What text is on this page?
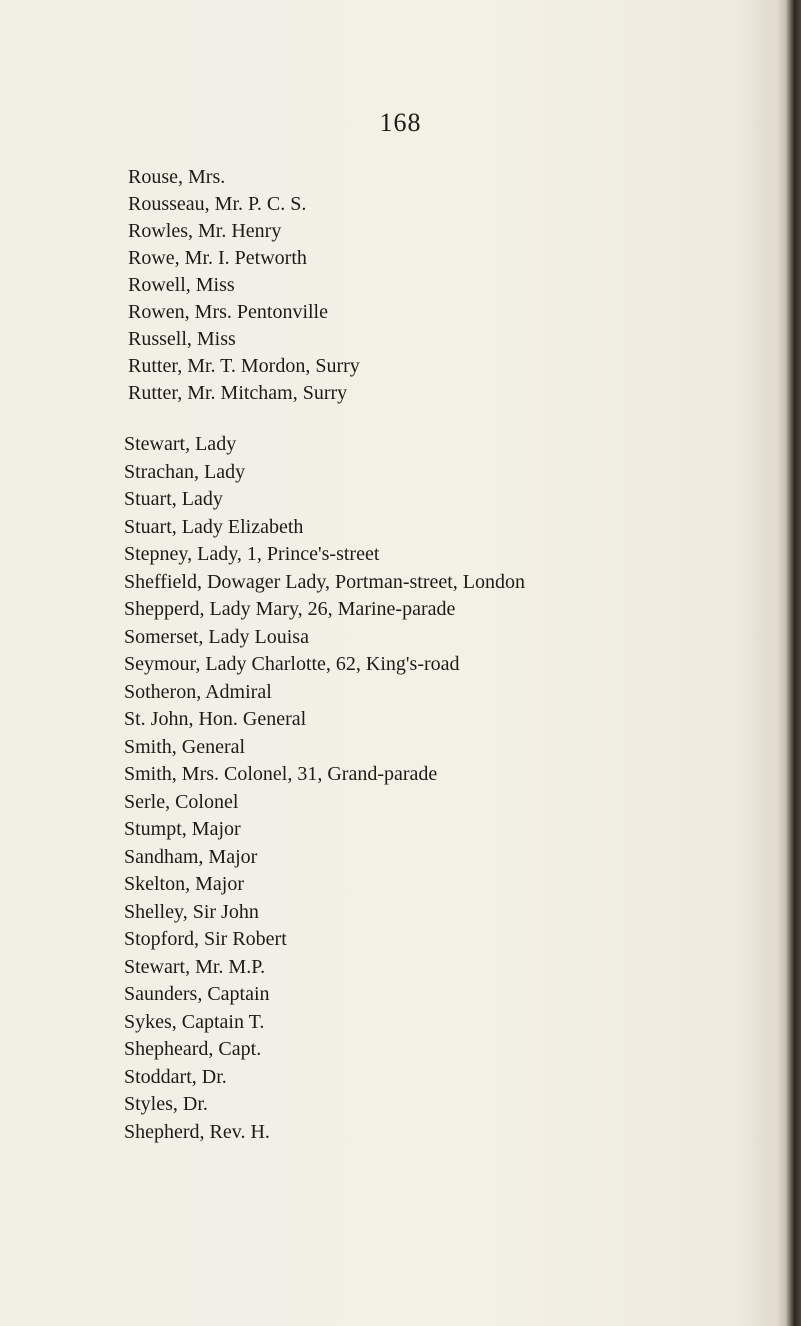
168
Rouse, Mrs.
Rousseau, Mr. P. C. S.
Rowles, Mr. Henry
Rowe, Mr. I. Petworth
Rowell, Miss
Rowen, Mrs. Pentonville
Russell, Miss
Rutter, Mr. T. Mordon, Surry
Rutter, Mr. Mitcham, Surry
Stewart, Lady
Strachan, Lady
Stuart, Lady
Stuart, Lady Elizabeth
Stepney, Lady, 1, Prince's-street
Sheffield, Dowager Lady, Portman-street, London
Shepperd, Lady Mary, 26, Marine-parade
Somerset, Lady Louisa
Seymour, Lady Charlotte, 62, King's-road
Sotheron, Admiral
St. John, Hon. General
Smith, General
Smith, Mrs. Colonel, 31, Grand-parade
Serle, Colonel
Stumpt, Major
Sandham, Major
Skelton, Major
Shelley, Sir John
Stopford, Sir Robert
Stewart, Mr. M.P.
Saunders, Captain
Sykes, Captain T.
Shepheard, Capt.
Stoddart, Dr.
Styles, Dr.
Shepherd, Rev. H.
